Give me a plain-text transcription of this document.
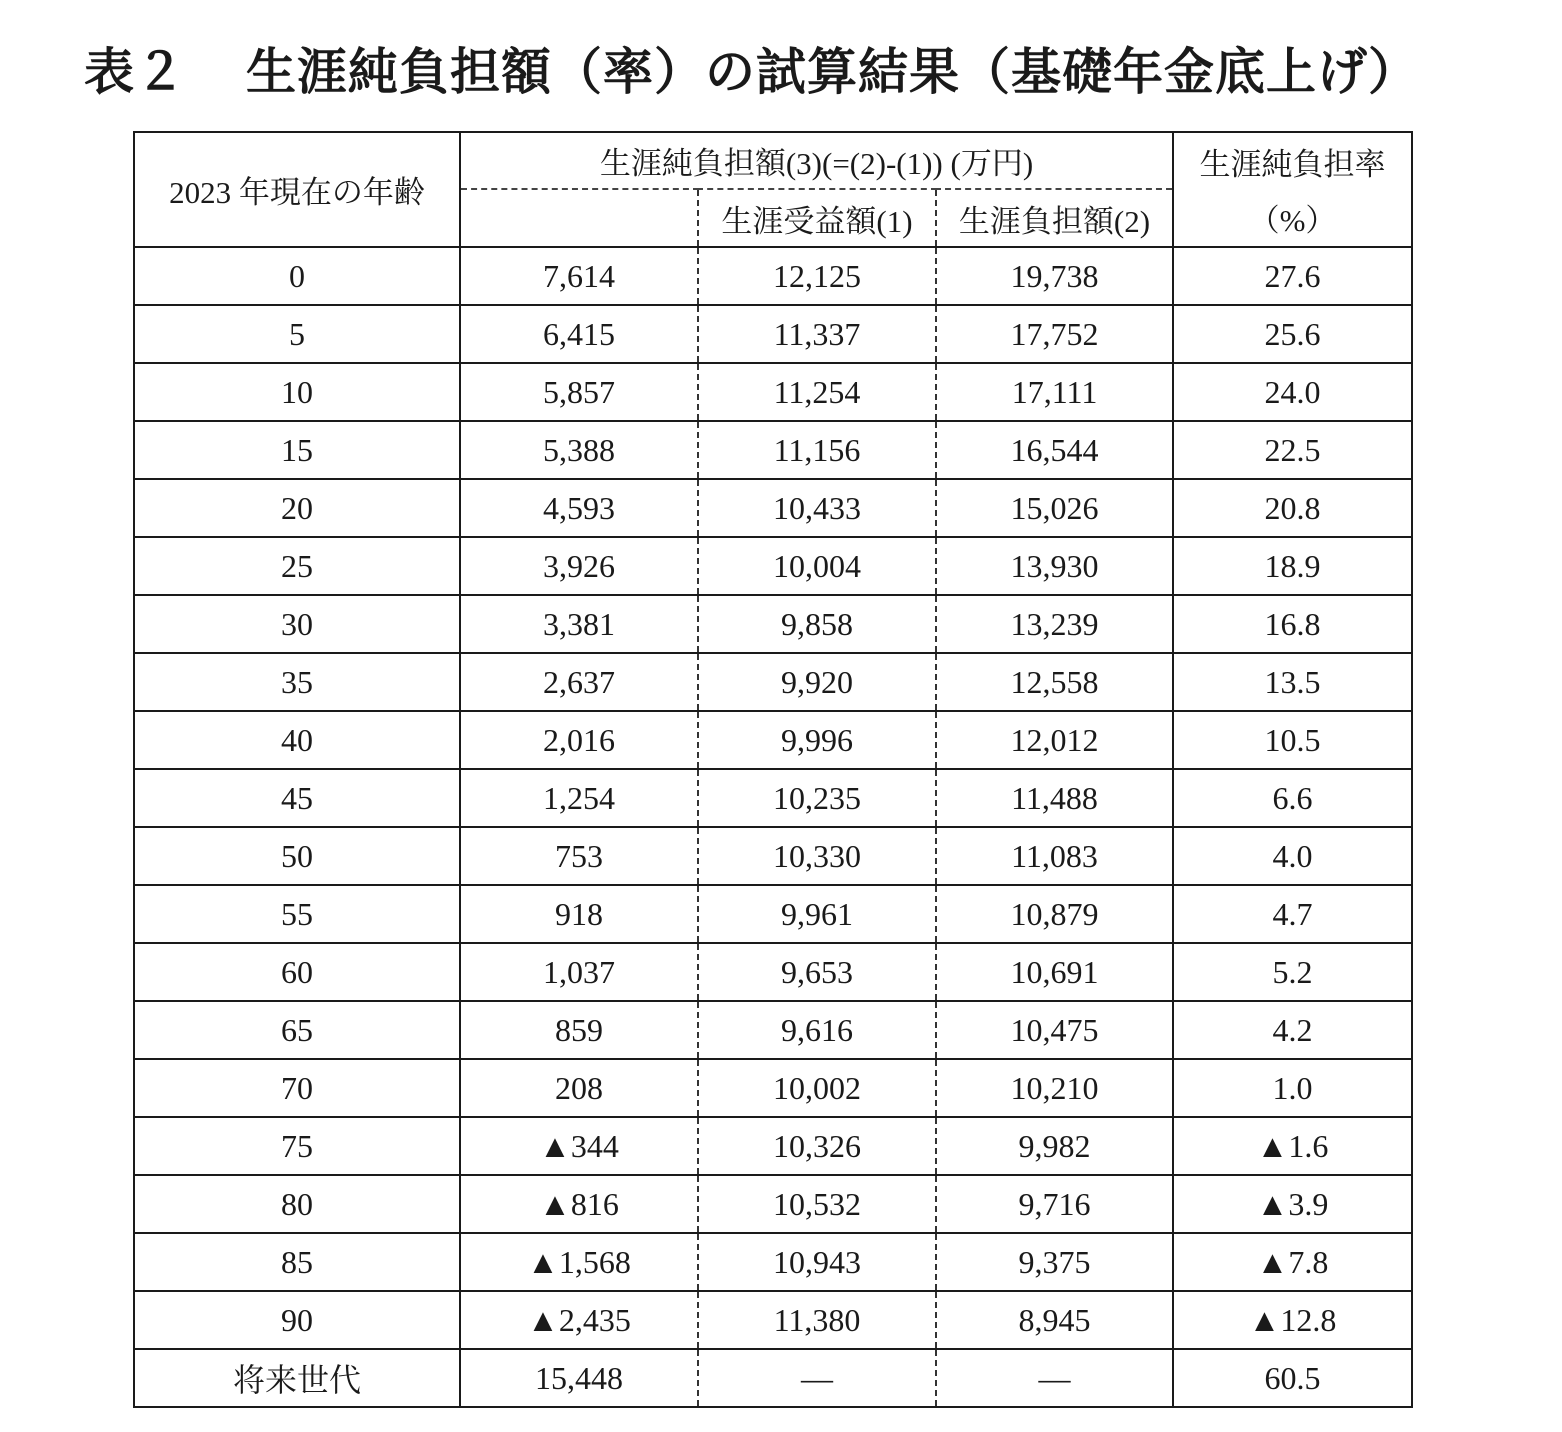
表２ 生涯純負担額（率）の試算結果（基礎年金底上げ）
2023 年現在の年齢	生涯純負担額(3)(=(2)-(1)) (万円)			生涯純負担率
		生涯受益額(1)	生涯負担額(2)	（%）
0	7,614	12,125	19,738	27.6
5	6,415	11,337	17,752	25.6
10	5,857	11,254	17,111	24.0
15	5,388	11,156	16,544	22.5
20	4,593	10,433	15,026	20.8
25	3,926	10,004	13,930	18.9
30	3,381	9,858	13,239	16.8
35	2,637	9,920	12,558	13.5
40	2,016	9,996	12,012	10.5
45	1,254	10,235	11,488	6.6
50	753	10,330	11,083	4.0
55	918	9,961	10,879	4.7
60	1,037	9,653	10,691	5.2
65	859	9,616	10,475	4.2
70	208	10,002	10,210	1.0
75	▲344	10,326	9,982	▲1.6
80	▲816	10,532	9,716	▲3.9
85	▲1,568	10,943	9,375	▲7.8
90	▲2,435	11,380	8,945	▲12.8
将来世代	15,448	―	―	60.5
